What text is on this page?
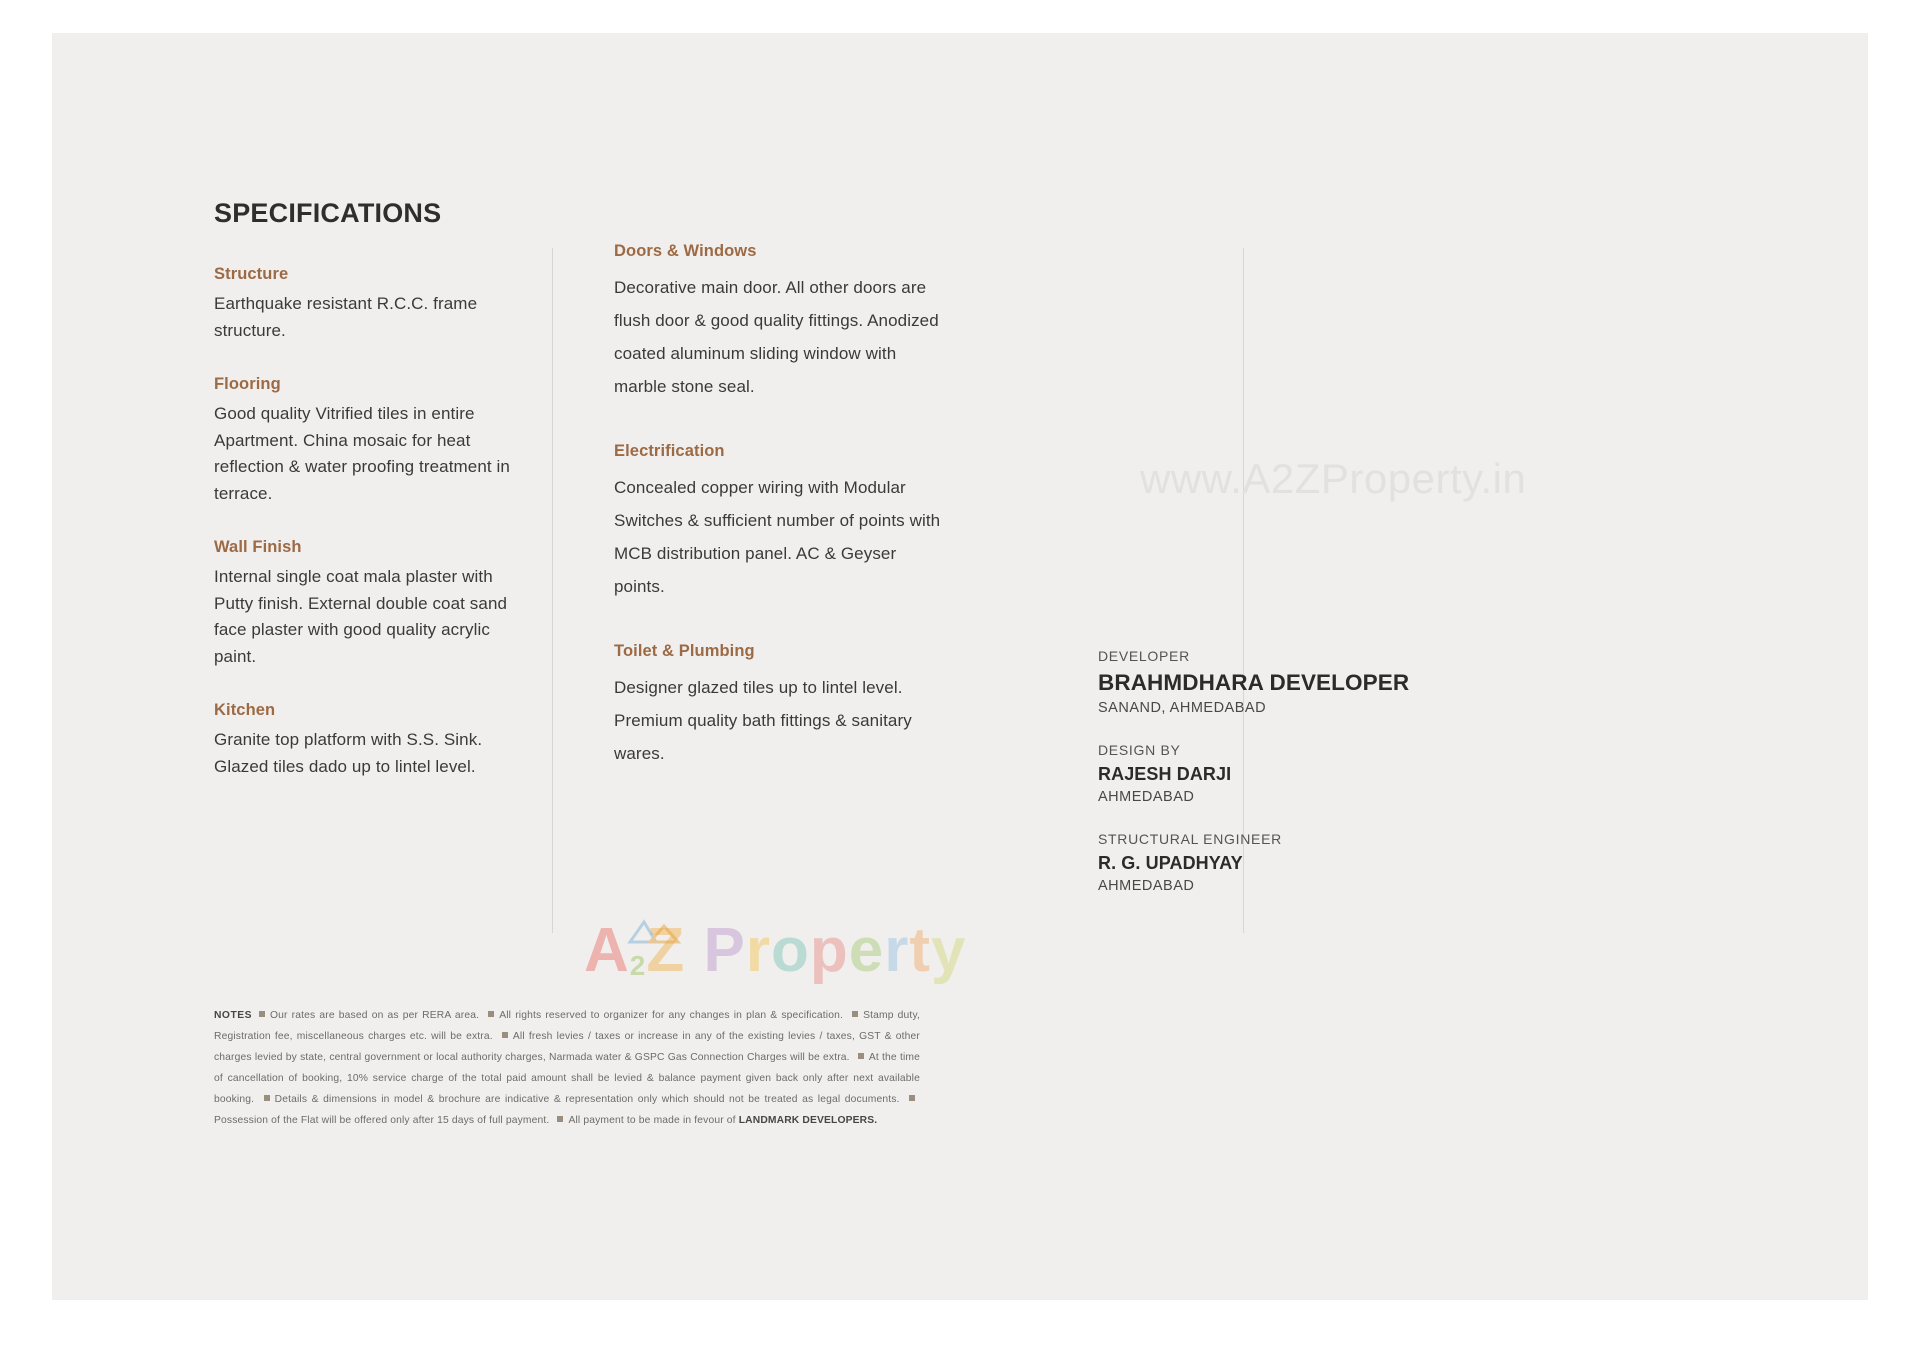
SPECIFICATIONS
www.A2ZProperty.in
Structure
Earthquake resistant R.C.C. frame structure.
Flooring
Good quality Vitrified tiles in entire Apartment. China mosaic for heat reflection & water proofing treatment in terrace.
Wall Finish
Internal single coat mala plaster with Putty finish. External double coat sand face plaster with good quality acrylic paint.
Kitchen
Granite top platform with S.S. Sink. Glazed tiles dado up to lintel level.
Doors & Windows
Decorative main door. All other doors are flush door & good quality fittings. Anodized coated aluminum sliding window with marble stone seal.
Electrification
Concealed copper wiring with Modular Switches & sufficient number of points with MCB distribution panel. AC & Geyser points.
Toilet & Plumbing
Designer glazed tiles up to lintel level. Premium quality bath fittings & sanitary wares.
NOTES Our rates are based on as per RERA area. All rights reserved to organizer for any changes in plan & specification. Stamp duty, Registration fee, miscellaneous charges etc. will be extra. All fresh levies / taxes or increase in any of the existing levies / taxes, GST & other charges levied by state, central government or local authority charges, Narmada water & GSPC Gas Connection Charges will be extra. At the time of cancellation of booking, 10% service charge of the total paid amount shall be levied & balance payment given back only after next available booking. Details & dimensions in model & brochure are indicative & representation only which should not be treated as legal documents. Possession of the Flat will be offered only after 15 days of full payment. All payment to be made in fevour of LANDMARK DEVELOPERS.
DEVELOPER
BRAHMDHARA DEVELOPER
SANAND, AHMEDABAD
DESIGN BY
RAJESH DARJI
AHMEDABAD
STRUCTURAL ENGINEER
R. G. UPADHYAY
AHMEDABAD
A2Z Property
